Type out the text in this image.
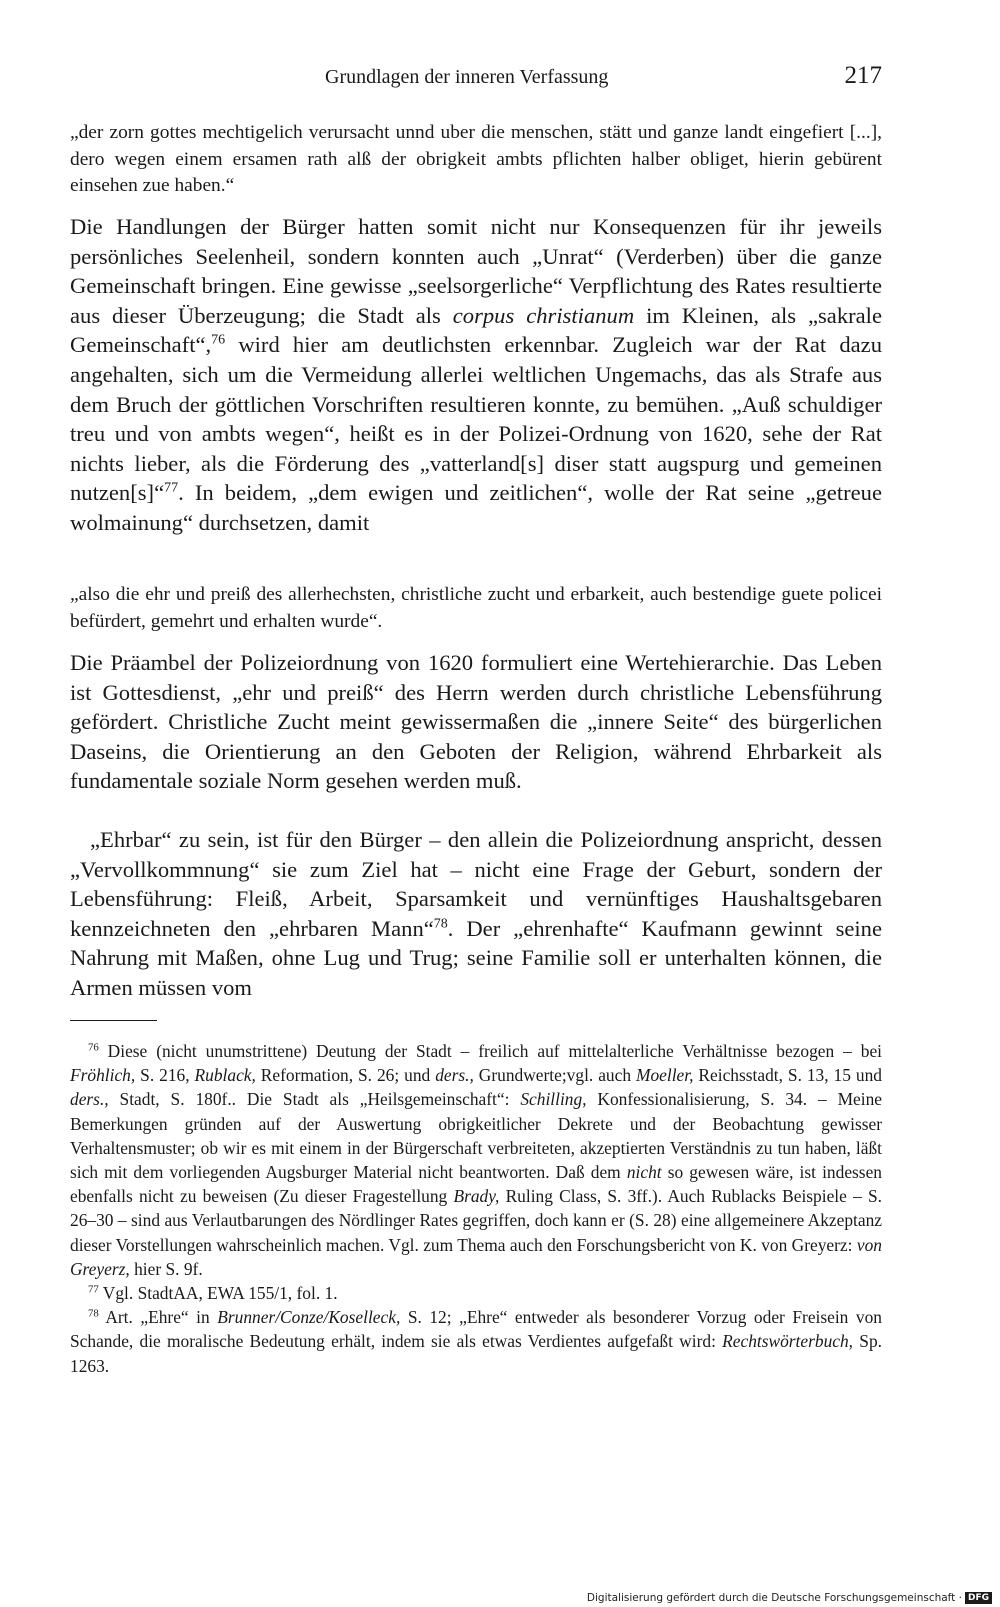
Grundlagen der inneren Verfassung	217
„der zorn gottes mechtigelich verursacht unnd uber die menschen, stätt und ganze landt eingefiert [...], dero wegen einem ersamen rath alß der obrigkeit ambts pflichten halber obliget, hierin gebürent einsehen zue haben.“

Die Handlungen der Bürger hatten somit nicht nur Konsequenzen für ihr jeweils persönliches Seelenheil, sondern konnten auch „Unrat“ (Verderben) über die ganze Gemeinschaft bringen. Eine gewisse „seelsorgerliche“ Verpflichtung des Rates resultierte aus dieser Überzeugung; die Stadt als corpus christianum im Kleinen, als „sakrale Gemeinschaft“,$^{76}$ wird hier am deutlichsten erkennbar. Zugleich war der Rat dazu angehalten, sich um die Vermeidung allerlei weltlichen Ungemachs, das als Strafe aus dem Bruch der göttlichen Vorschriften resultieren konnte, zu bemühen. „Auß schuldiger treu und von ambts wegen“, heißt es in der Polizei-Ordnung von 1620, sehe der Rat nichts lieber, als die Förderung des „vatterland[s] diser statt augspurg und gemeinen nutzen[s]“$^{77}$. In beidem, „dem ewigen und zeitlichen“, wolle der Rat seine „getreue wolmainung“ durchsetzen, damit

„also die ehr und preiß des allerhechsten, christliche zucht und erbarkeit, auch bestendige guete policei befürdert, gemehrt und erhalten wurde“.

Die Präambel der Polizeiordnung von 1620 formuliert eine Wertehierarchie. Das Leben ist Gottesdienst, „ehr und preiß“ des Herrn werden durch christliche Lebensführung gefördert. Christliche Zucht meint gewissermaßen die „innere Seite“ des bürgerlichen Daseins, die Orientierung an den Geboten der Religion, während Ehrbarkeit als fundamentale soziale Norm gesehen werden muß.

„Ehrbar“ zu sein, ist für den Bürger – den allein die Polizeiordnung anspricht, dessen „Vervollkommnung“ sie zum Ziel hat – nicht eine Frage der Geburt, sondern der Lebensführung: Fleiß, Arbeit, Sparsamkeit und vernünftiges Haushaltsgebaren kennzeichneten den „ehrbaren Mann“$^{78}$. Der „ehrenhafte“ Kaufmann gewinnt seine Nahrung mit Maßen, ohne Lug und Trug; seine Familie soll er unterhalten können, die Armen müssen vom

$^{76}$ Diese (nicht unumstrittene) Deutung der Stadt – freilich auf mittelalterliche Verhältnisse bezogen – bei Fröhlich, S. 216, Rublack, Reformation, S. 26; und ders., Grundwerte;vgl. auch Moeller, Reichsstadt, S. 13, 15 und ders., Stadt, S. 180f.. Die Stadt als „Heilsgemeinschaft“: Schilling, Konfessionalisierung, S. 34. – Meine Bemerkungen gründen auf der Auswertung obrigkeitlicher Dekrete und der Beobachtung gewisser Verhaltensmuster; ob wir es mit einem in der Bürgerschaft verbreiteten, akzeptierten Verständnis zu tun haben, läßt sich mit dem vorliegenden Augsburger Material nicht beantworten. Daß dem nicht so gewesen wäre, ist indessen ebenfalls nicht zu beweisen (Zu dieser Fragestellung Brady, Ruling Class, S. 3ff.). Auch Rublacks Beispiele – S. 26–30 – sind aus Verlautbarungen des Nördlinger Rates gegriffen, doch kann er (S. 28) eine allgemeinere Akzeptanz dieser Vorstellungen wahrscheinlich machen. Vgl. zum Thema auch den Forschungsbericht von K. von Greyerz: von Greyerz, hier S. 9f.

$^{77}$ Vgl. StadtAA, EWA 155/1, fol. 1.

$^{78}$ Art. „Ehre“ in Brunner/Conze/Koselleck, S. 12; „Ehre“ entweder als besonderer Vorzug oder Freisein von Schande, die moralische Bedeutung erhält, indem sie als etwas Verdientes aufgefaßt wird: Rechtswörterbuch, Sp. 1263.

Digitalisierung gefördert durch die Deutsche Forschungsgemeinschaft · DFG
